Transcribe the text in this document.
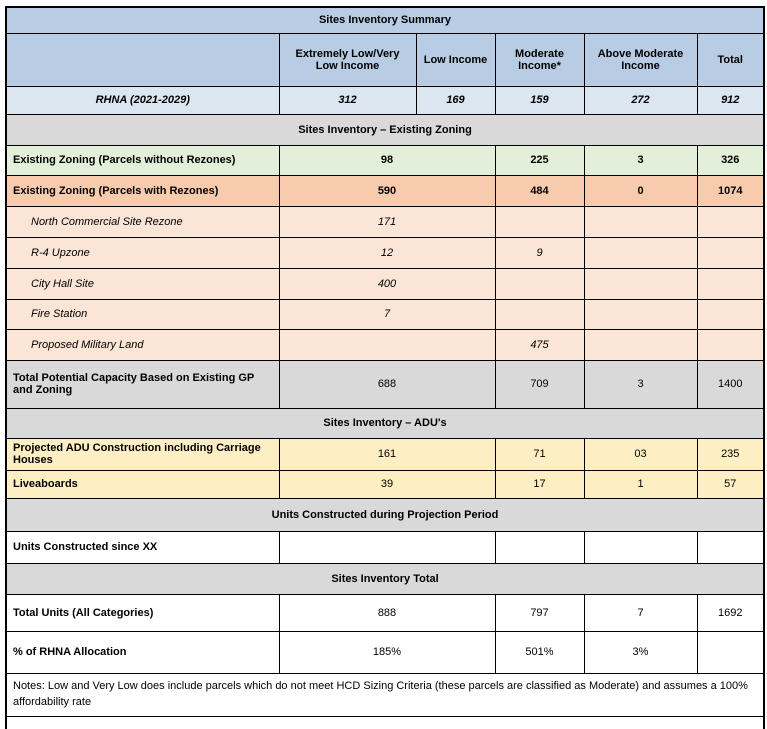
Sites Inventory Summary					
	Extremely Low/Very Low Income	Low Income	Moderate Income*	Above Moderate Income	Total
RHNA (2021-2029)	312	169	159	272	912
Sites Inventory – Existing Zoning					
Existing Zoning (Parcels without Rezones)	98		225	3	326
Existing Zoning (Parcels with Rezones)	590		484	0	1074
North Commercial Site Rezone	171				
R-4 Upzone	12		9		
City Hall Site	400				
Fire Station	7				
Proposed Military Land			475		
Total Potential Capacity Based on Existing GP and Zoning	688		709	3	1400
Sites Inventory – ADU's					
Projected ADU Construction including Carriage Houses	161		71	03	235
Liveaboards	39		17	1	57
Units Constructed during Projection Period					
Units Constructed since XX					
Sites Inventory Total					
Total Units (All Categories)	888		797	7	1692
% of RHNA Allocation	185%		501%	3%	
Notes: Low and Very Low does include parcels which do not meet HCD Sizing Criteria (these parcels are classified as Moderate) and assumes a 100% affordability rate					
